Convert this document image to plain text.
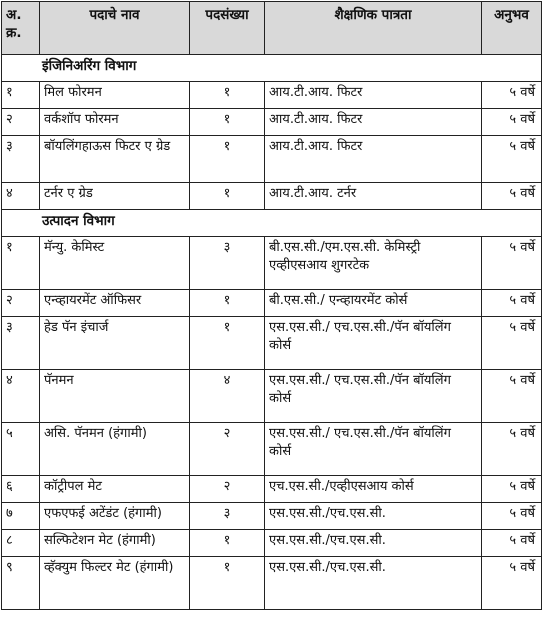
अ. क्र.	पदाचे नाव	पदसंख्या	शैक्षणिक पात्रता	अनुभव
इंजिनिअरिंग विभाग				
१	मिल फोरमन	१	आय.टी.आय. फिटर	५ वर्षे
२	वर्कशॉप फोरमन	१	आय.टी.आय. फिटर	५ वर्षे
३	बॉयलिंगहाऊस फिटर ए ग्रेड	१	आय.टी.आय. फिटर	५ वर्षे
४	टर्नर ए ग्रेड	१	आय.टी.आय. टर्नर	५ वर्षे
उत्पादन विभाग				
१	मॅन्यु. केमिस्ट	३	बी.एस.सी./एम.एस.सी. केमिस्ट्री एव्हीएसआय शुगरटेक	५ वर्षे
२	एन्व्हायरमेंट ऑफिसर	१	बी.एस.सी./ एन्व्हायरमेंट कोर्स	५ वर्षे
३	हेड पॅन इंचार्ज	१	एस.एस.सी./ एच.एस.सी./पॅन बॉयलिंग कोर्स	५ वर्षे
४	पॅनमन	४	एस.एस.सी./ एच.एस.सी./पॅन बॉयलिंग कोर्स	५ वर्षे
५	असि. पॅनमन (हंगामी)	२	एस.एस.सी./ एच.एस.सी./पॅन बॉयलिंग कोर्स	५ वर्षे
६	कॉट्रीपल मेट	२	एच.एस.सी./एव्हीएसआय कोर्स	५ वर्षे
७	एफएफई अटेंडंट (हंगामी)	३	एस.एस.सी./एच.एस.सी.	५ वर्षे
८	सल्फिटेशन मेट (हंगामी)	१	एस.एस.सी./एच.एस.सी.	५ वर्षे
९	व्हॅक्युम फिल्टर मेट (हंगामी)	१	एस.एस.सी./एच.एस.सी.	५ वर्षे
